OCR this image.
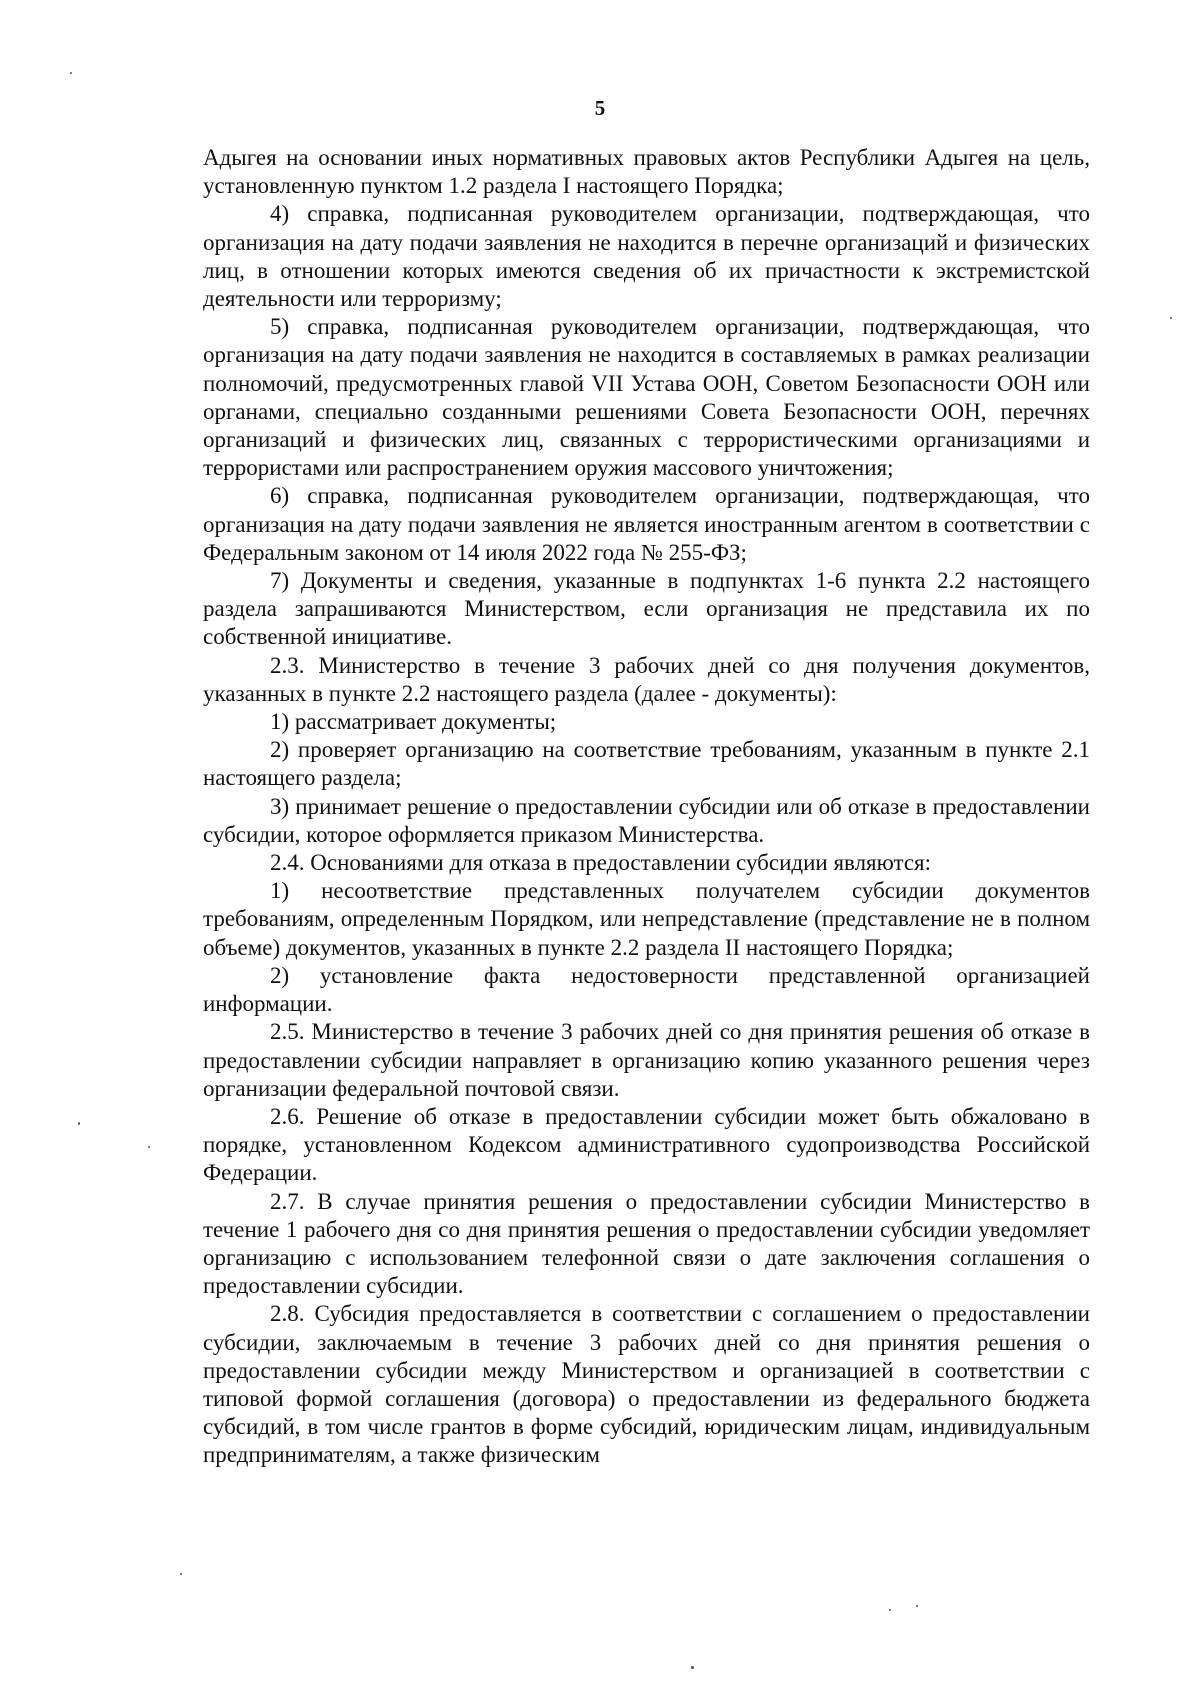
5

Адыгея на основании иных нормативных правовых актов Республики Адыгея на цель, установленную пунктом 1.2 раздела I настоящего Порядка;

4) справка, подписанная руководителем организации, подтверждающая, что организация на дату подачи заявления не находится в перечне организаций и физических лиц, в отношении которых имеются сведения об их причастности к экстремистской деятельности или терроризму;

5) справка, подписанная руководителем организации, подтверждающая, что организация на дату подачи заявления не находится в составляемых в рамках реализации полномочий, предусмотренных главой VII Устава ООН, Советом Безопасности ООН или органами, специально созданными решениями Совета Безопасности ООН, перечнях организаций и физических лиц, связанных с террористическими организациями и террористами или распространением оружия массового уничтожения;

6) справка, подписанная руководителем организации, подтверждающая, что организация на дату подачи заявления не является иностранным агентом в соответствии с Федеральным законом от 14 июля 2022 года № 255-ФЗ;

7) Документы и сведения, указанные в подпунктах 1-6 пункта 2.2 настоящего раздела запрашиваются Министерством, если организация не представила их по собственной инициативе.

2.3. Министерство в течение 3 рабочих дней со дня получения документов, указанных в пункте 2.2 настоящего раздела (далее - документы):

1) рассматривает документы;

2) проверяет организацию на соответствие требованиям, указанным в пункте 2.1 настоящего раздела;

3) принимает решение о предоставлении субсидии или об отказе в предоставлении субсидии, которое оформляется приказом Министерства.

2.4. Основаниями для отказа в предоставлении субсидии являются:

1) несоответствие представленных получателем субсидии документов требованиям, определенным Порядком, или непредставление (представление не в полном объеме) документов, указанных в пункте 2.2 раздела II настоящего Порядка;

2) установление факта недостоверности представленной организацией информации.

2.5. Министерство в течение 3 рабочих дней со дня принятия решения об отказе в предоставлении субсидии направляет в организацию копию указанного решения через организации федеральной почтовой связи.

2.6. Решение об отказе в предоставлении субсидии может быть обжаловано в порядке, установленном Кодексом административного судопроизводства Российской Федерации.

2.7. В случае принятия решения о предоставлении субсидии Министерство в течение 1 рабочего дня со дня принятия решения о предоставлении субсидии уведомляет организацию с использованием телефонной связи о дате заключения соглашения о предоставлении субсидии.

2.8. Субсидия предоставляется в соответствии с соглашением о предоставлении субсидии, заключаемым в течение 3 рабочих дней со дня принятия решения о предоставлении субсидии между Министерством и организацией в соответствии с типовой формой соглашения (договора) о предоставлении из федерального бюджета субсидий, в том числе грантов в форме субсидий, юридическим лицам, индивидуальным предпринимателям, а также физическим
